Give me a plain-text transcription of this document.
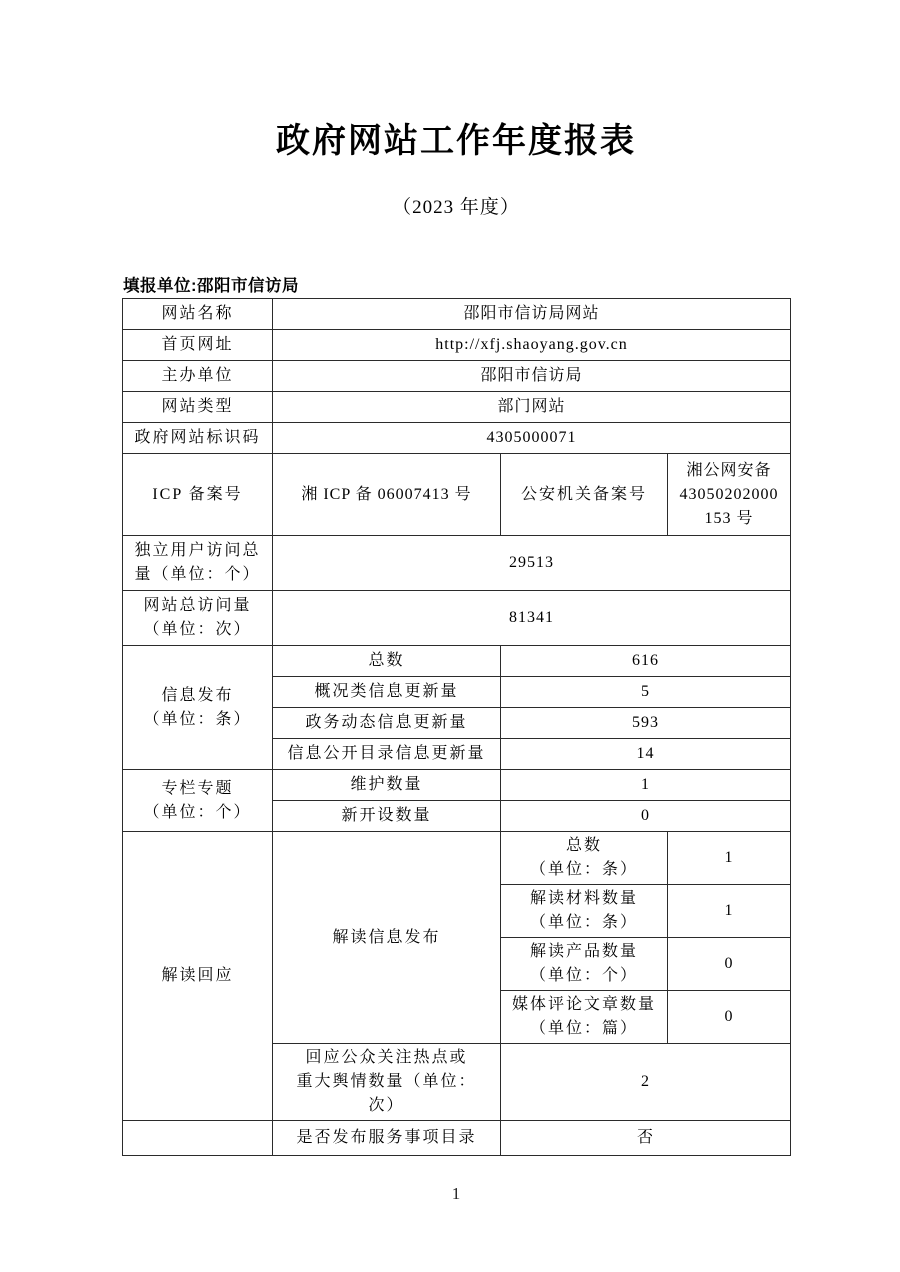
政府网站工作年度报表
（2023 年度）
填报单位:邵阳市信访局
网站名称	邵阳市信访局网站		
首页网址	http://xfj.shaoyang.gov.cn		
主办单位	邵阳市信访局		
网站类型	部门网站		
政府网站标识码	4305000071		
ICP 备案号	湘 ICP 备 06007413 号	公安机关备案号	湘公网安备
43050202000
153 号

独立用户访问总
量（单位：个）	29513		

网站总访问量
（单位：次）	81341		

信息发布
（单位：条）	总数	616	
	概况类信息更新量	5	
	政务动态信息更新量	593	
	信息公开目录信息更新量	14	

专栏专题
（单位：个）	维护数量	1	
	新开设数量	0	
解读回应	解读信息发布	总数
（单位：条）	1

		解读材料数量
（单位：条）	1

		解读产品数量
（单位：个）	0

		媒体评论文章数量
（单位：篇）	0

	回应公众关注热点或
重大舆情数量（单位：
次）	2	
	是否发布服务事项目录	否	
1
